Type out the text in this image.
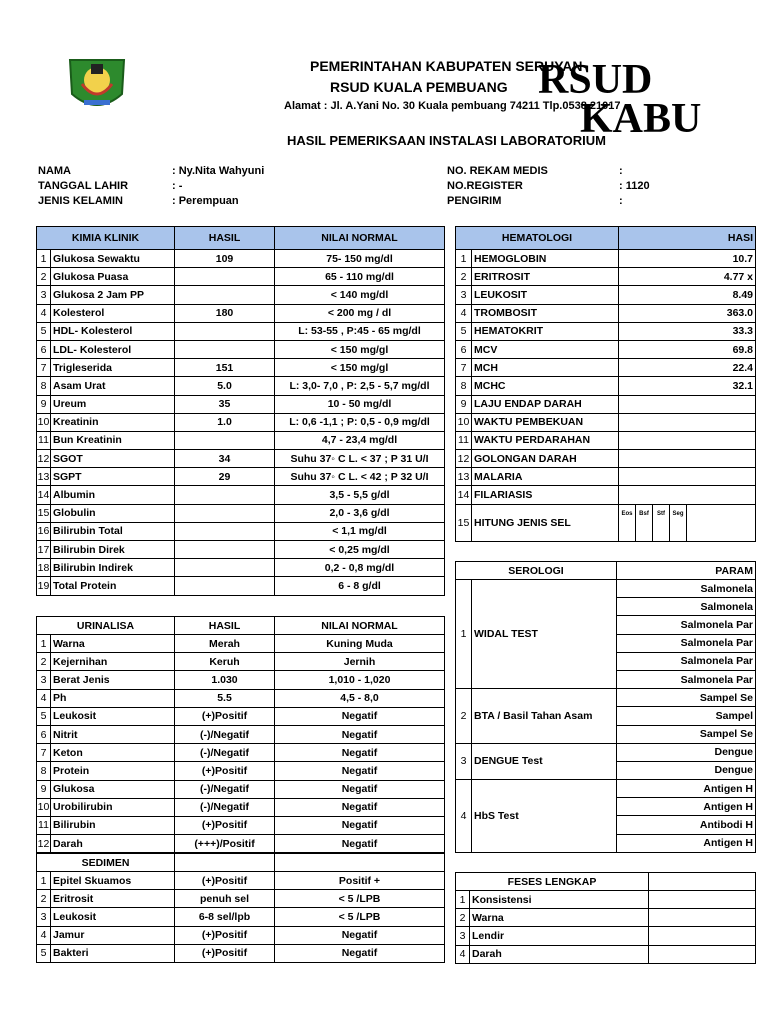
PEMERINTAHAN KABUPATEN SERUYAN
RSUD KUALA PEMBUANG
Alamat : Jl. A.Yani No. 30 Kuala pembuang 74211 Tlp.0538 21017
RSUD
KABU
HASIL PEMERIKSAAN INSTALASI LABORATORIUM
NAMA	: Ny.Nita Wahyuni
TANGGAL LAHIR	: -
JENIS KELAMIN	: Perempuan
NO. REKAM MEDIS	:
NO.REGISTER	: 1120
PENGIRIM	:
KIMIA KLINIK		HASIL	NILAI NORMAL
1	Glukosa Sewaktu	109	75- 150 mg/dl
2	Glukosa Puasa		65 - 110 mg/dl
3	Glukosa 2 Jam PP		< 140 mg/dl
4	Kolesterol	180	< 200 mg / dl
5	HDL- Kolesterol		L: 53-55 , P:45 - 65 mg/dl
6	LDL- Kolesterol		< 150 mg/gl
7	Trigleserida	151	< 150 mg/gl
8	Asam Urat	5.0	L: 3,0- 7,0 , P: 2,5 - 5,7 mg/dl
9	Ureum	35	10 - 50 mg/dl
10	Kreatinin	1.0	L: 0,6 -1,1 ; P: 0,5 - 0,9 mg/dl
11	Bun Kreatinin		4,7 - 23,4 mg/dl
12	SGOT	34	Suhu 37◦ C L. < 37 ; P 31 U/I
13	SGPT	29	Suhu 37◦ C L. < 42 ; P 32 U/I
14	Albumin		3,5 - 5,5 g/dl
15	Globulin		2,0 - 3,6 g/dl
16	Bilirubin Total		< 1,1 mg/dl
17	Bilirubin Direk		< 0,25 mg/dl
18	Bilirubin Indirek		0,2 - 0,8 mg/dl
19	Total Protein		6 - 8 g/dl
URINALISA		HASIL	NILAI NORMAL
1	Warna	Merah	Kuning Muda
2	Kejernihan	Keruh	Jernih
3	Berat Jenis	1.030	1,010 - 1,020
4	Ph	5.5	4,5 - 8,0
5	Leukosit	(+)Positif	Negatif
6	Nitrit	(-)/Negatif	Negatif
7	Keton	(-)/Negatif	Negatif
8	Protein	(+)Positif	Negatif
9	Glukosa	(-)/Negatif	Negatif
10	Urobilirubin	(-)/Negatif	Negatif
11	Bilirubin	(+)Positif	Negatif
12	Darah	(+++)/Positif	Negatif
SEDIMEN			
1	Epitel Skuamos	(+)Positif	Positif +
2	Eritrosit	penuh sel	< 5 /LPB
3	Leukosit	6-8 sel/lpb	< 5 /LPB
4	Jamur	(+)Positif	Negatif
5	Bakteri	(+)Positif	Negatif
HEMATOLOGI		HASI
1	HEMOGLOBIN	10.7
2	ERITROSIT	4.77 x
3	LEUKOSIT	8.49
4	TROMBOSIT	363.0
5	HEMATOKRIT	33.3
6	MCV	69.8
7	MCH	22.4
8	MCHC	32.1
9	LAJU ENDAP DARAH	
10	WAKTU PEMBEKUAN	
11	WAKTU PERDARAHAN	
12	GOLONGAN DARAH	
13	MALARIA	
14	FILARIASIS	
15	HITUNG JENIS SEL	Eos Bsf Stf Seg
SEROLOGI		PARAM
1	WIDAL TEST	Salmonela
		Salmonela
		Salmonela Par
		Salmonela Par
		Salmonela Par
		Salmonela Par
2	BTA / Basil Tahan Asam	Sampel Se
		Sampel
		Sampel Se
3	DENGUE Test	Dengue
		Dengue
4	HbS Test	Antigen H
		Antigen H
		Antibodi H
		Antigen H
FESES LENGKAP		
1	Konsistensi	
2	Warna	
3	Lendir	
4	Darah	
